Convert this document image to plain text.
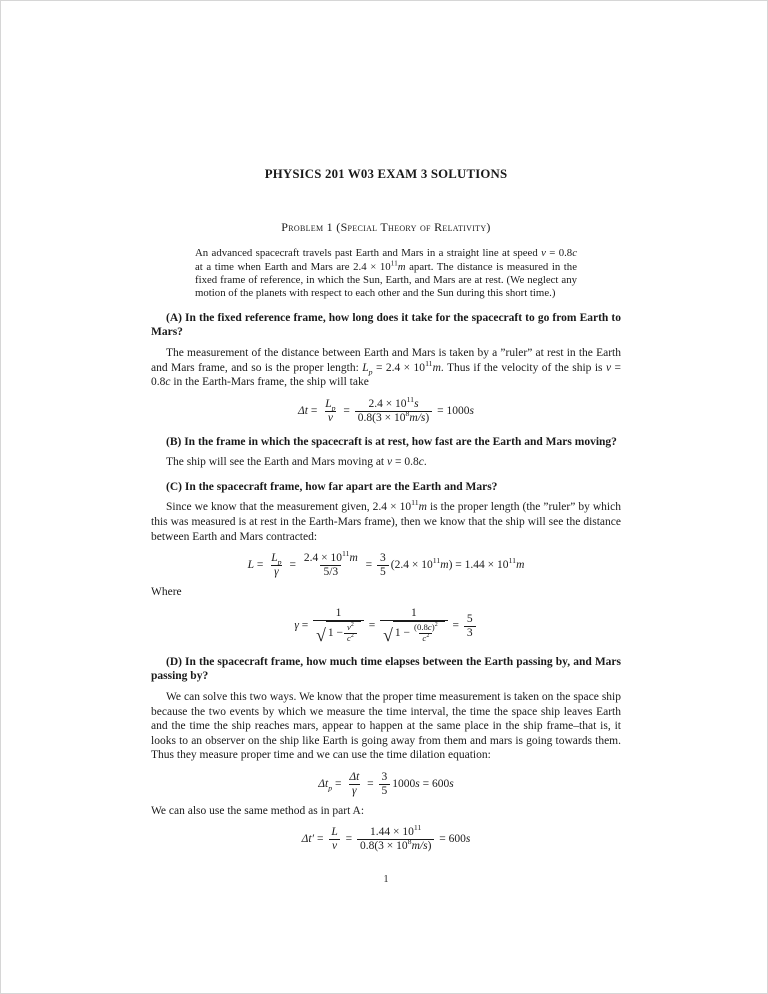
PHYSICS 201 W03 EXAM 3 SOLUTIONS
Problem 1 (Special Theory of Relativity)

An advanced spacecraft travels past Earth and Mars in a straight line at speed v = 0.8c at a time when Earth and Mars are $2.4 \times 10^{11}m$ apart. The distance is measured in the fixed frame of reference, in which the Sun, Earth, and Mars are at rest. (We neglect any motion of the planets with respect to each other and the Sun during this short time.)

(A) In the fixed reference frame, how long does it take for the spacecraft to go from Earth to Mars?

The measurement of the distance between Earth and Mars is taken by a ”ruler” at rest in the Earth and Mars frame, and so is the proper length: $L_p = 2.4 \times 10^{11}m$. Thus if the velocity of the ship is v = 0.8c in the Earth-Mars frame, the ship will take

$\Delta t = \frac{L_p}{v} = \frac{2.4 \times 10^{11}s}{0.8(3 \times 10^8m/s)} = 1000s$

(B) In the frame in which the spacecraft is at rest, how fast are the Earth and Mars moving?

The ship will see the Earth and Mars moving at v = 0.8c.

(C) In the spacecraft frame, how far apart are the Earth and Mars?

Since we know that the measurement given, $2.4 \times 10^{11}m$ is the proper length (the ”ruler” by which this was measured is at rest in the Earth-Mars frame), then we know that the ship will see the distance between Earth and Mars contracted:

$L = \frac{L_p}{\gamma} = \frac{2.4 \times 10^{11}m}{5/3} = \frac{3}{5} (2.4 \times 10^{11}m) = 1.44 \times 10^{11}m$

Where

$\gamma = \frac{1}{√ 1 - \frac{v^2}{c^2}} = \frac{1}{√ 1 - \frac{(0.8c)^2}{c^2}} = \frac{5}{3}$

(D) In the spacecraft frame, how much time elapses between the Earth passing by, and Mars passing by?

We can solve this two ways. We know that the proper time measurement is taken on the space ship because the two events by which we measure the time interval, the time the space ship leaves Earth and the time the ship reaches mars, appear to happen at the same place in the ship frame–that is, it looks to an observer on the ship like Earth is going away from them and mars is going towards them. Thus they measure proper time and we can use the time dilation equation:

$\Delta t_p = \frac{\Delta t}{\gamma} = \frac{3}{5} 1000s = 600s$

We can also use the same method as in part A:

$\Delta t' = \frac{L}{v} = \frac{1.44 \times 10^{11}}{0.8(3 \times 10^8m/s)} = 600s$
1
